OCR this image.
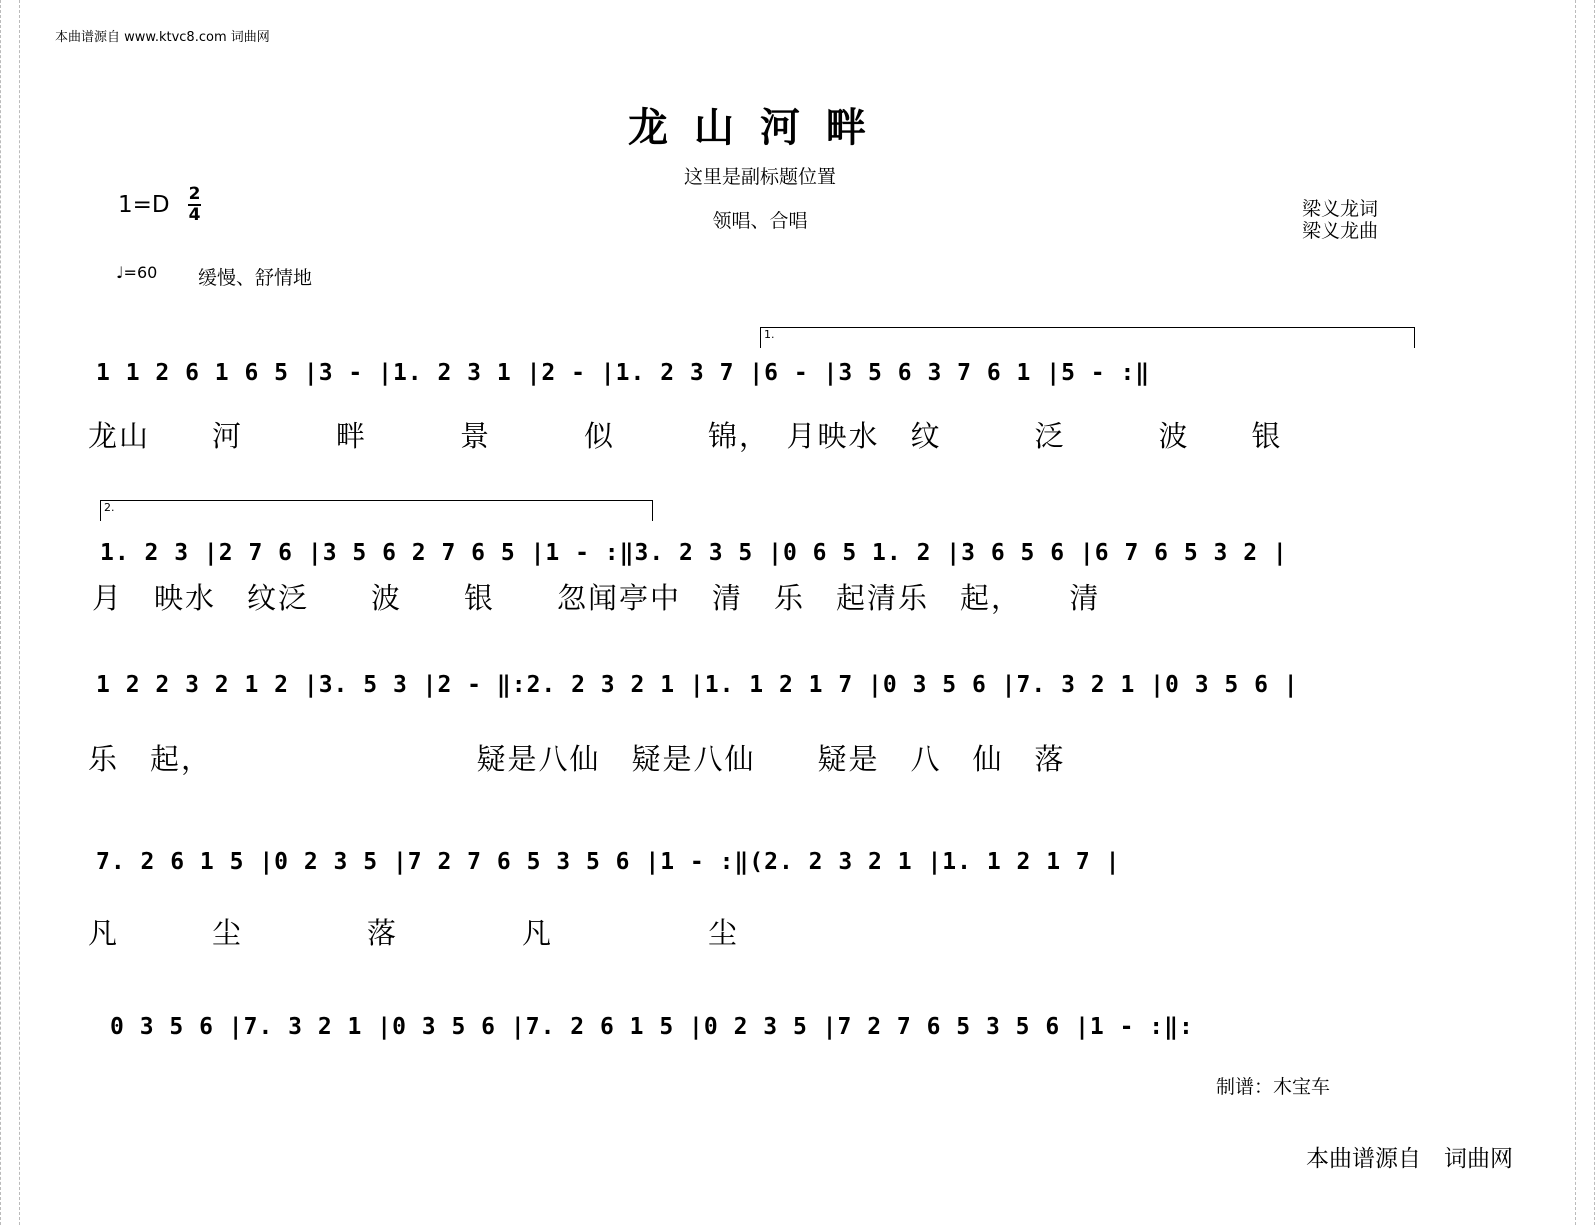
本曲谱源自 www.ktvc8.com 词曲网
龙山河畔
这里是副标题位置
领唱、合唱
1=D 2
4	梁义龙词
梁义龙曲
♩=60 缓慢、舒情地
1.
2.
1 1 2 6 1 6 5 |3 - |1. 2 3 1 |2 - |1. 2 3 7 |6 - |3 5 6 3 7 6 1 |5 - :‖
龙山　　河　　　畔　　　景　　　似　　　锦，　月映水　纹　　　泛　　　波　　银
1. 2 3 |2 7 6 |3 5 6 2 7 6 5 |1 - :‖3. 2 3 5 |0 6 5 1. 2 |3 6 5 6 |6 7 6 5 3 2 |
月　映水　纹泛　　波　　银　　忽闻亭中　清　乐　起清乐　起，　　清
1 2 2 3 2 1 2 |3. 5 3 |2 - ‖:2. 2 3 2 1 |1. 1 2 1 7 |0 3 5 6 |7. 3 2 1 |0 3 5 6 |
乐　起，　　　　　　　　　疑是八仙　疑是八仙　　疑是　八　仙　落
7. 2 6 1 5 |0 2 3 5 |7 2 7 6 5 3 5 6 |1 - :‖(2. 2 3 2 1 |1. 1 2 1 7 |
凡　　　尘　　　　落　　　　凡　　　　　尘
0 3 5 6 |7. 3 2 1 |0 3 5 6 |7. 2 6 1 5 |0 2 3 5 |7 2 7 6 5 3 5 6 |1 - :‖:
制谱：木宝车
本曲谱源自　词曲网
